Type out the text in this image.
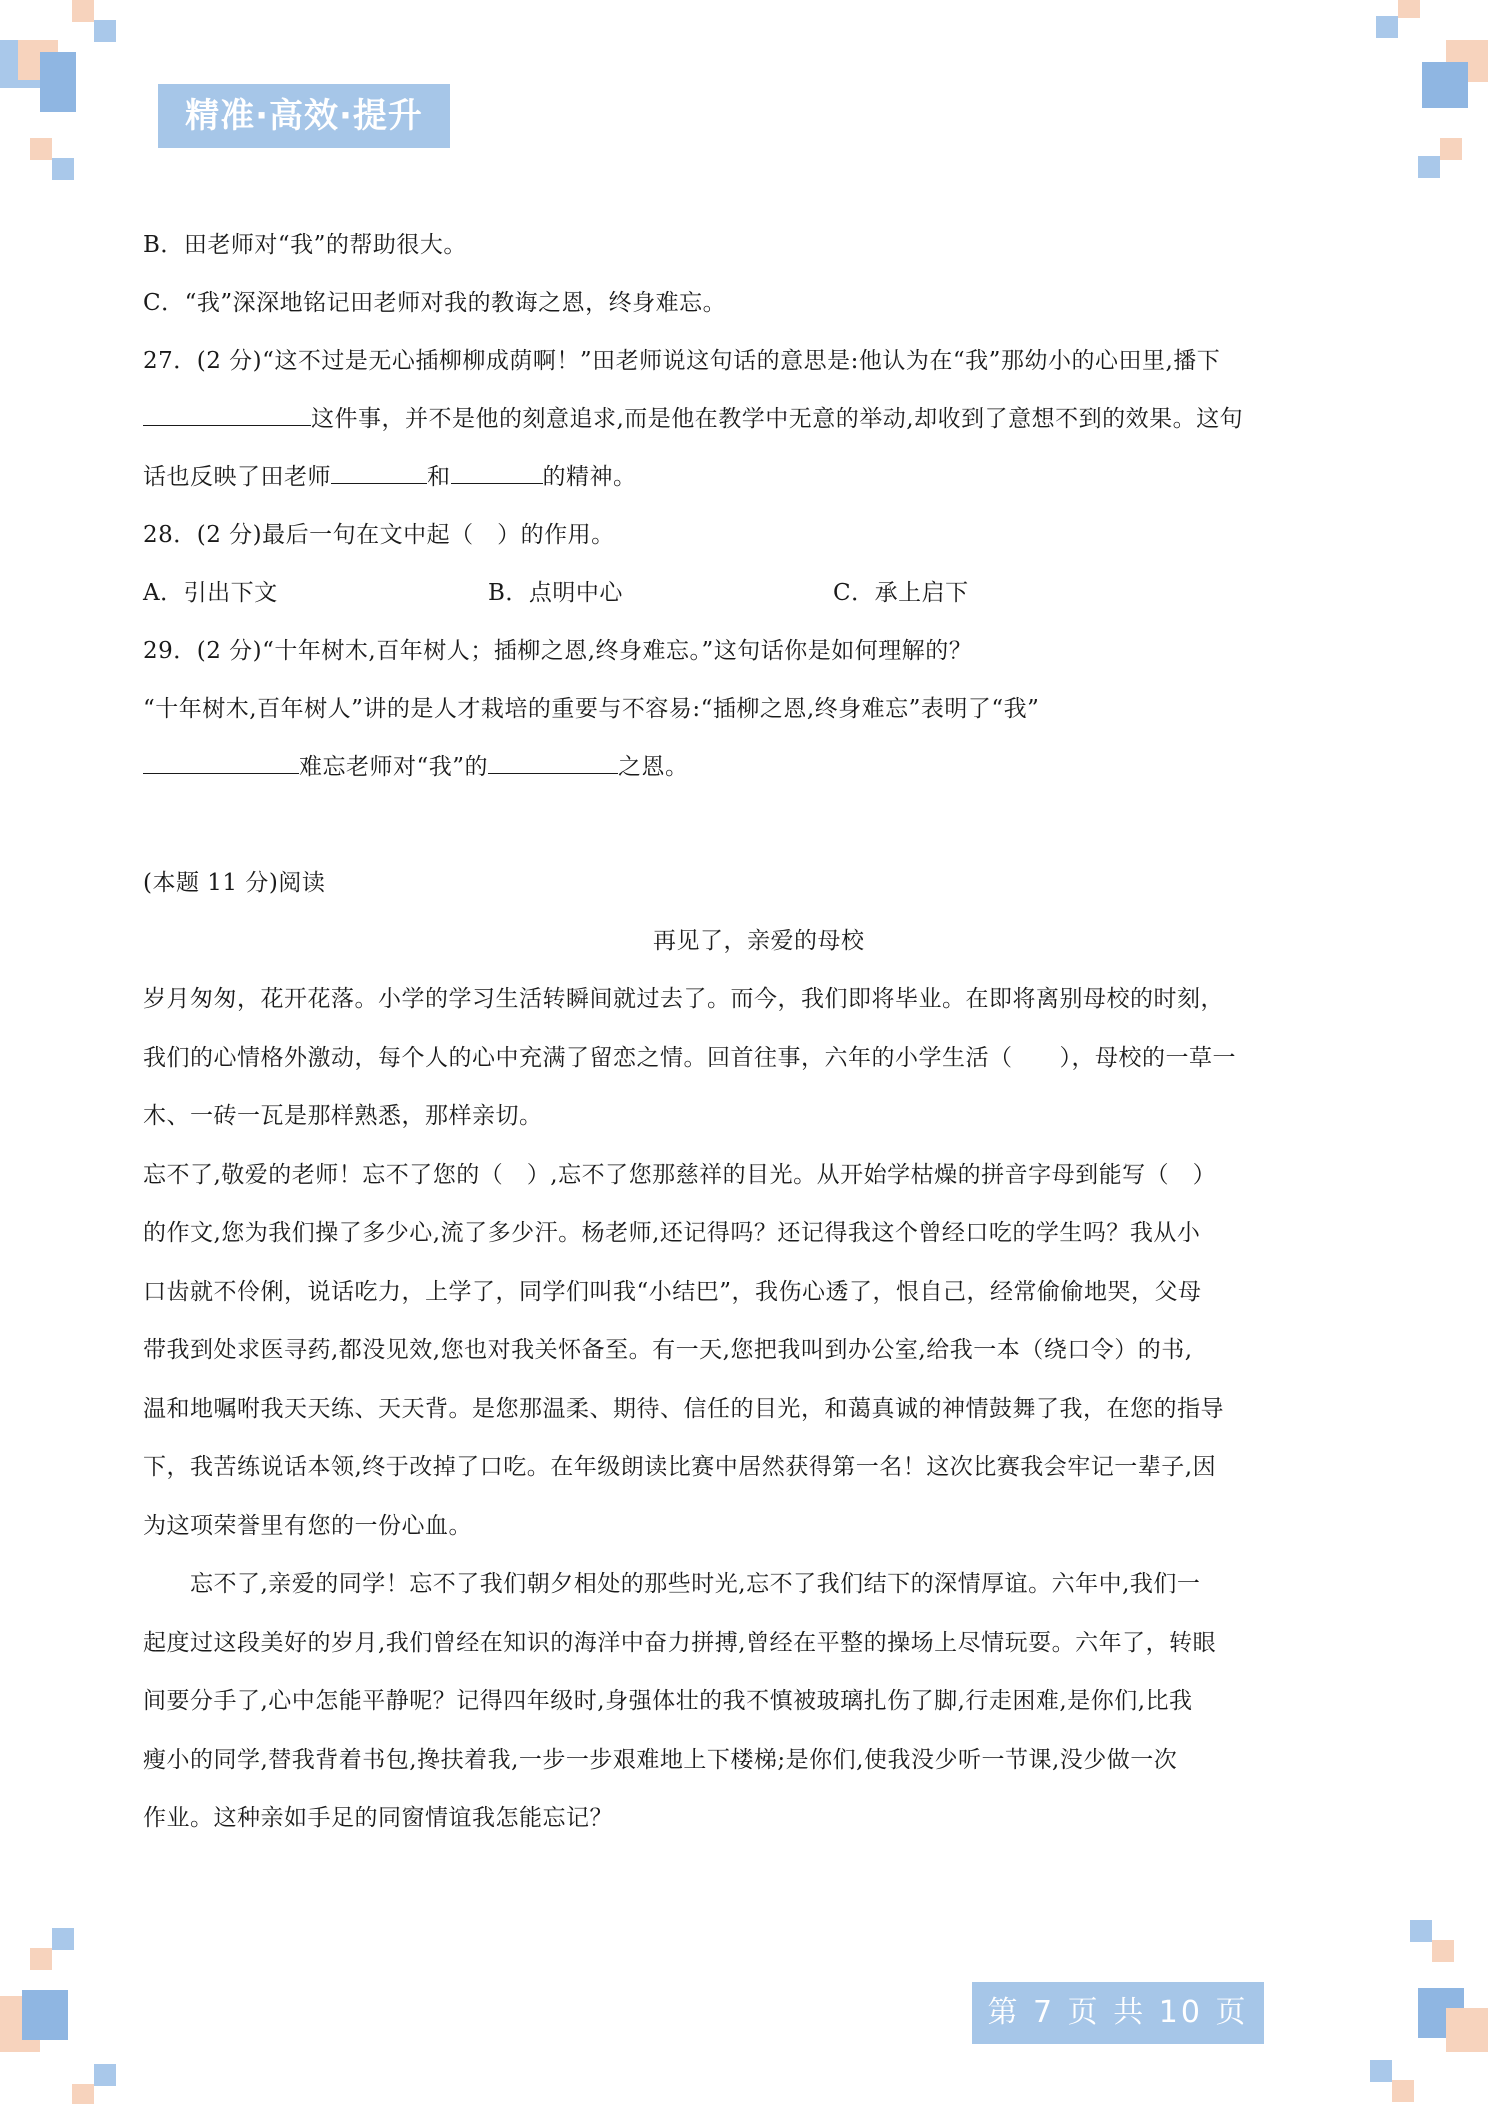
精准·高效·提升
B．田老师对“我”的帮助很大。
C．“我”深深地铭记田老师对我的教诲之恩，终身难忘。
27．(2 分)“这不过是无心插柳柳成荫啊！”田老师说这句话的意思是:他认为在“我”那幼小的心田里,播下
这件事，并不是他的刻意追求,而是他在教学中无意的举动,却收到了意想不到的效果。这句
话也反映了田老师	和	的精神。
28．(2 分)最后一句在文中起（　）的作用。
A．引出下文	B．点明中心	C．承上启下
29．(2 分)“十年树木,百年树人；插柳之恩,终身难忘。”这句话你是如何理解的？
“十年树木,百年树人”讲的是人才栽培的重要与不容易:“插柳之恩,终身难忘”表明了“我”
难忘老师对“我”的	之恩。
(本题 11 分)阅读
再见了，亲爱的母校
岁月匆匆，花开花落。小学的学习生活转瞬间就过去了。而今，我们即将毕业。在即将离别母校的时刻，
我们的心情格外激动，每个人的心中充满了留恋之情。回首往事，六年的小学生活（　　），母校的一草一
木、一砖一瓦是那样熟悉，那样亲切。
忘不了,敬爱的老师！忘不了您的（　）,忘不了您那慈祥的目光。从开始学枯燥的拼音字母到能写（　）
的作文,您为我们操了多少心,流了多少汗。杨老师,还记得吗？还记得我这个曾经口吃的学生吗？我从小
口齿就不伶俐，说话吃力，上学了，同学们叫我“小结巴”，我伤心透了，恨自己，经常偷偷地哭，父母
带我到处求医寻药,都没见效,您也对我关怀备至。有一天,您把我叫到办公室,给我一本（绕口令）的书,
温和地嘱咐我天天练、天天背。是您那温柔、期待、信任的目光，和蔼真诚的神情鼓舞了我，在您的指导
下，我苦练说话本领,终于改掉了口吃。在年级朗读比赛中居然获得第一名！这次比赛我会牢记一辈子,因
为这项荣誉里有您的一份心血。
　　忘不了,亲爱的同学！忘不了我们朝夕相处的那些时光,忘不了我们结下的深情厚谊。六年中,我们一
起度过这段美好的岁月,我们曾经在知识的海洋中奋力拼搏,曾经在平整的操场上尽情玩耍。六年了，转眼
间要分手了,心中怎能平静呢？记得四年级时,身强体壮的我不慎被玻璃扎伤了脚,行走困难,是你们,比我
瘦小的同学,替我背着书包,搀扶着我,一步一步艰难地上下楼梯;是你们,使我没少听一节课,没少做一次
作业。这种亲如手足的同窗情谊我怎能忘记？
第 7 页 共 10 页
